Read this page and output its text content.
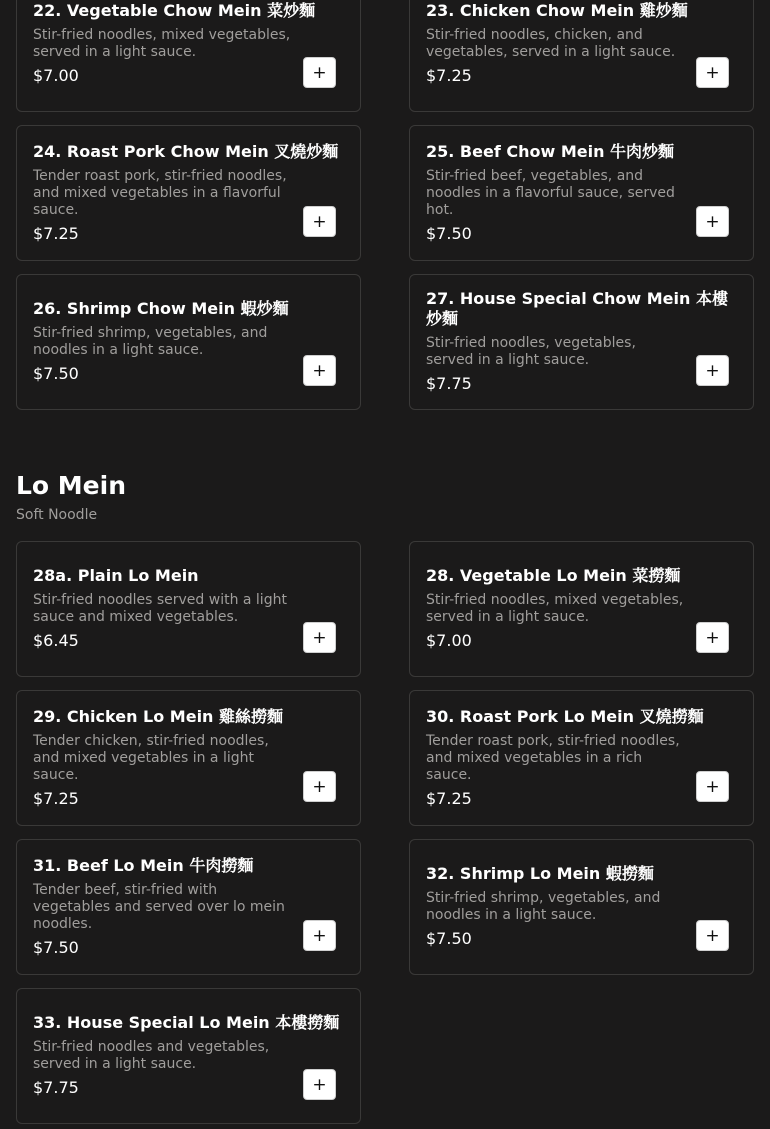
22. Vegetable Chow Mein 菜炒麵
Stir-fried noodles, mixed vegetables, served in a light sauce.
$7.00	+
23. Chicken Chow Mein 雞炒麵
Stir-fried noodles, chicken, and vegetables, served in a light sauce.
$7.25	+
24. Roast Pork Chow Mein 叉燒炒麵
Tender roast pork, stir-fried noodles, and mixed vegetables in a flavorful sauce.
$7.25
+
25. Beef Chow Mein 牛肉炒麵
Stir-fried beef, vegetables, and noodles in a flavorful sauce, served hot.
$7.50
+
26. Shrimp Chow Mein 蝦炒麵
Stir-fried shrimp, vegetables, and noodles in a light sauce.
$7.50	+
27. House Special Chow Mein 本樓炒麵
Stir-fried noodles, vegetables, served in a light sauce.
$7.75
+
Lo Mein
Soft Noodle
28a. Plain Lo Mein
Stir-fried noodles served with a light sauce and mixed vegetables.
$6.45	+
28. Vegetable Lo Mein 菜撈麵
Stir-fried noodles, mixed vegetables, served in a light sauce.
$7.00	+
29. Chicken Lo Mein 雞絲撈麵
Tender chicken, stir-fried noodles, and mixed vegetables in a light sauce.
$7.25
+
30. Roast Pork Lo Mein 叉燒撈麵
Tender roast pork, stir-fried noodles, and mixed vegetables in a rich sauce.
$7.25
+
31. Beef Lo Mein 牛肉撈麵
Tender beef, stir-fried with vegetables and served over lo mein noodles.
$7.50
+
32. Shrimp Lo Mein 蝦撈麵
Stir-fried shrimp, vegetables, and noodles in a light sauce.
$7.50	+
33. House Special Lo Mein 本樓撈麵
Stir-fried noodles and vegetables, served in a light sauce.
$7.75	+
